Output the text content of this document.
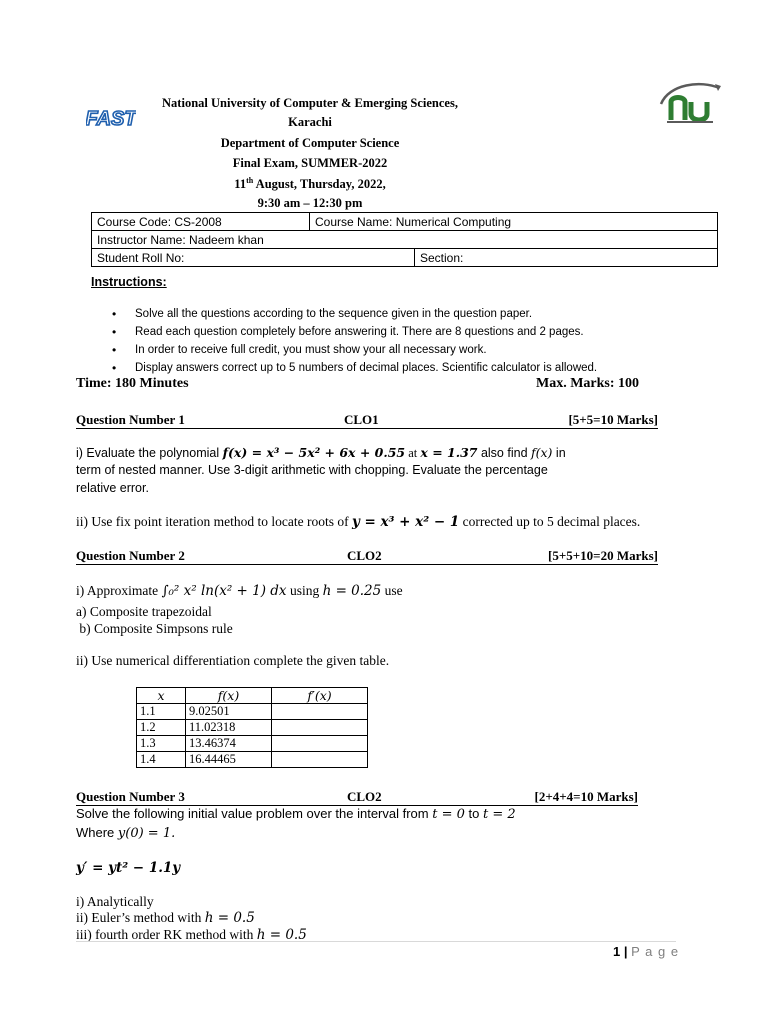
FAST
National University of Computer & Emerging Sciences,
Karachi
Department of Computer Science
Final Exam, SUMMER-2022
11th August, Thursday, 2022,
9:30 am – 12:30 pm
Course Code: CS-2008	Course Name: Numerical Computing	
Instructor Name: Nadeem khan		
Student Roll No:		Section:
Instructions:
• Solve all the questions according to the sequence given in the question paper.
• Read each question completely before answering it. There are 8 questions and 2 pages.
• In order to receive full credit, you must show your all necessary work.
• Display answers correct up to 5 numbers of decimal places. Scientific calculator is allowed.
Time: 180 Minutes	Max. Marks: 100
Question Number 1	CLO1	[5+5=10 Marks]
i) Evaluate the polynomial f(x) = x³ − 5x² + 6x + 0.55 at x = 1.37 also find f(x) in
term of nested manner. Use 3-digit arithmetic with chopping. Evaluate the percentage
relative error.
ii) Use fix point iteration method to locate roots of y = x³ + x² − 1 corrected up to 5 decimal places.
Question Number 2	CLO2	[5+5+10=20 Marks]
i) Approximate ∫₀² x² ln(x² + 1) dx using h = 0.25 use
a) Composite trapezoidal
b) Composite Simpsons rule
ii) Use numerical differentiation complete the given table.
x	f(x)	f′(x)
1.1	9.02501	
1.2	11.02318	
1.3	13.46374	
1.4	16.44465	
Question Number 3	CLO2	[2+4+4=10 Marks]
Solve the following initial value problem over the interval from t = 0 to t = 2
Where y(0) = 1.
y′ = yt² − 1.1y
i) Analytically
ii) Euler’s method with h = 0.5
iii) fourth order RK method with h = 0.5
1 | P a g e
